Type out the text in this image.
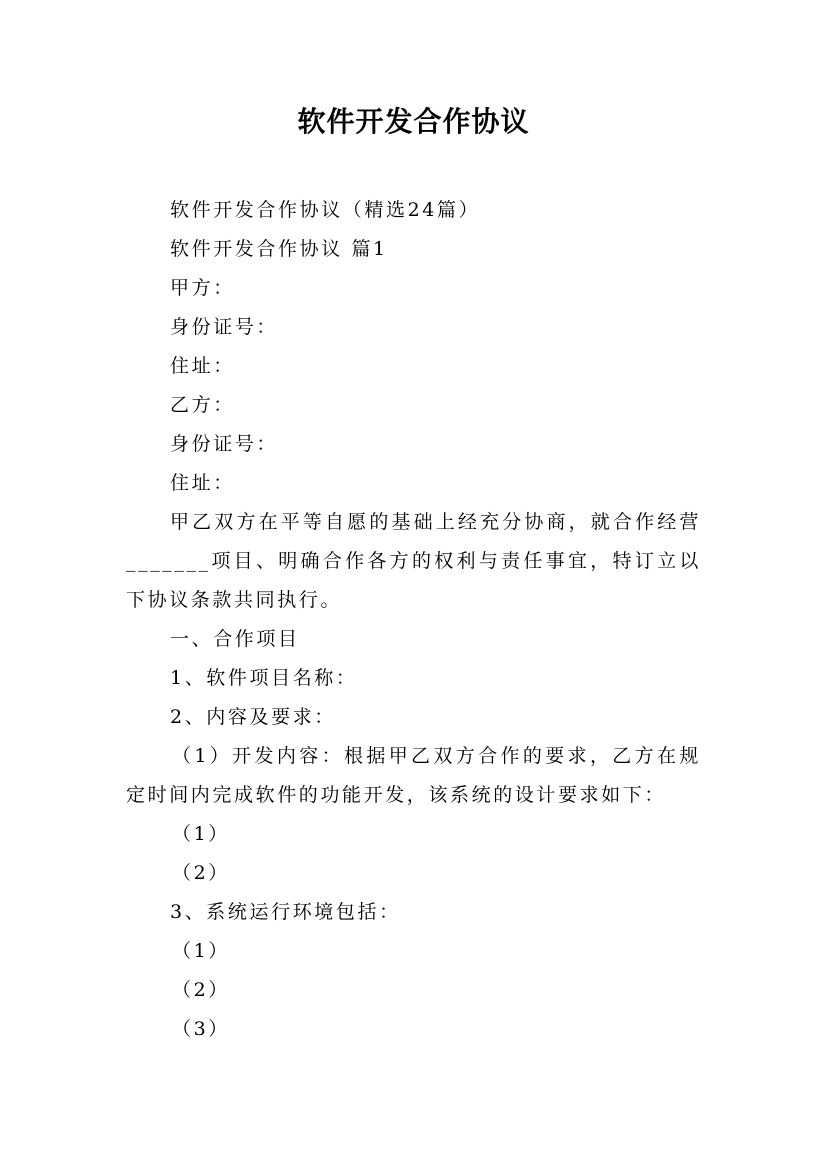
软件开发合作协议

软件开发合作协议（精选24篇）

软件开发合作协议 篇1

甲方：

身份证号：

住址：

乙方：

身份证号：

住址：

甲乙双方在平等自愿的基础上经充分协商，就合作经营_______项目、明确合作各方的权利与责任事宜，特订立以下协议条款共同执行。

一、合作项目

1、软件项目名称：

2、内容及要求：

（1）开发内容：根据甲乙双方合作的要求，乙方在规定时间内完成软件的功能开发，该系统的设计要求如下：

（1）

（2）

3、系统运行环境包括：

（1）

（2）

（3）
